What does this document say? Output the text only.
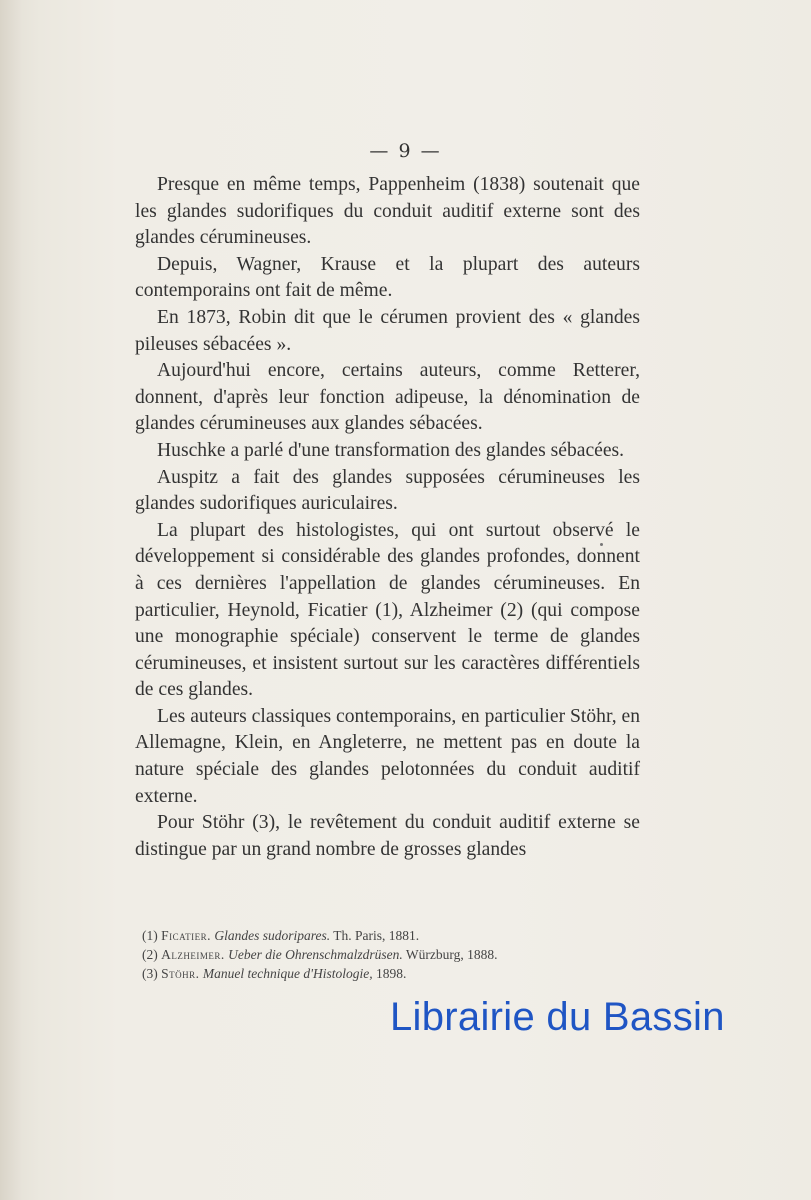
— 9 —

Presque en même temps, Pappenheim (1838) soutenait que les glandes sudorifiques du conduit auditif externe sont des glandes cérumineuses.

Depuis, Wagner, Krause et la plupart des auteurs contemporains ont fait de même.

En 1873, Robin dit que le cérumen provient des « glandes pileuses sébacées ».

Aujourd'hui encore, certains auteurs, comme Retterer, donnent, d'après leur fonction adipeuse, la dénomination de glandes cérumineuses aux glandes sébacées.

Huschke a parlé d'une transformation des glandes sébacées.

Auspitz a fait des glandes supposées cérumineuses les glandes sudorifiques auriculaires.

La plupart des histologistes, qui ont surtout observé le développement si considérable des glandes profondes, donnent à ces dernières l'appellation de glandes cérumineuses. En particulier, Heynold, Ficatier (1), Alzheimer (2) (qui compose une monographie spéciale) conservent le terme de glandes cérumineuses, et insistent surtout sur les caractères différentiels de ces glandes.

Les auteurs classiques contemporains, en particulier Stöhr, en Allemagne, Klein, en Angleterre, ne mettent pas en doute la nature spéciale des glandes pelotonnées du conduit auditif externe.

Pour Stöhr (3), le revêtement du conduit auditif externe se distingue par un grand nombre de grosses glandes

(1) Ficatier. Glandes sudoripares. Th. Paris, 1881.
(2) Alzheimer. Ueber die Ohrenschmalzdrüsen. Würzburg, 1888.
(3) Stöhr. Manuel technique d'Histologie, 1898.
Librairie du Bassin
